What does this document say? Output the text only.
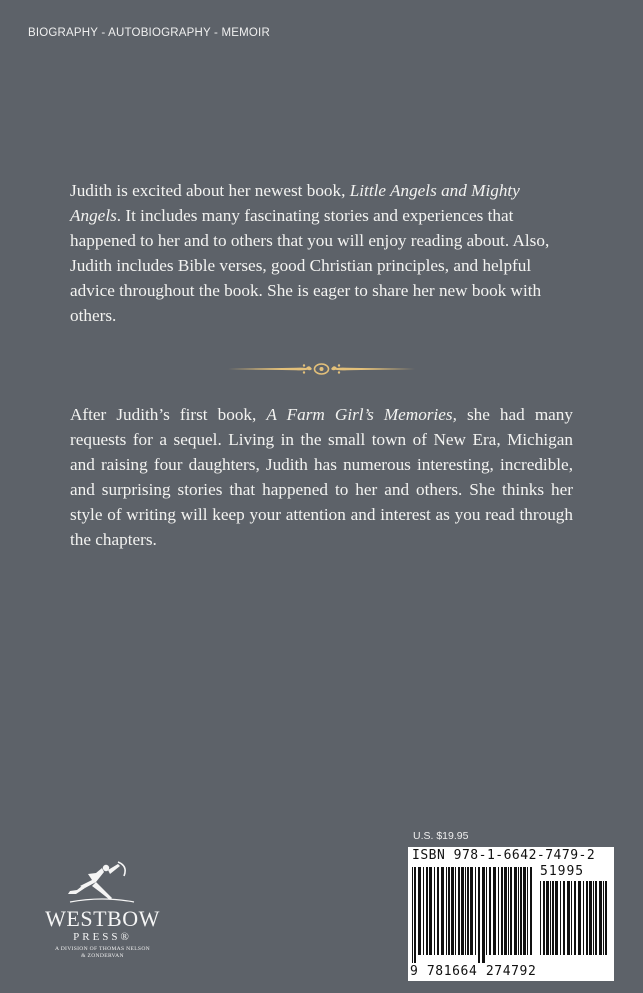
BIOGRAPHY - AUTOBIOGRAPHY - MEMOIR

Judith is excited about her newest book, Little Angels and Mighty Angels. It includes many fascinating stories and experiences that happened to her and to others that you will enjoy reading about. Also, Judith includes Bible verses, good Christian principles, and helpful advice throughout the book. She is eager to share her new book with others.

After Judith’s first book, A Farm Girl’s Memories, she had many requests for a sequel. Living in the small town of New Era, Michigan and raising four daughters, Judith has numerous interesting, incredible, and surprising stories that happened to her and others. She thinks her style of writing will keep your attention and interest as you read through the chapters.

WESTBOW
PRESS®
A DIVISION OF THOMAS NELSON
& ZONDERVAN
U.S. $19.95
ISBN 978-1-6642-7479-2
51995
9 781664 274792
